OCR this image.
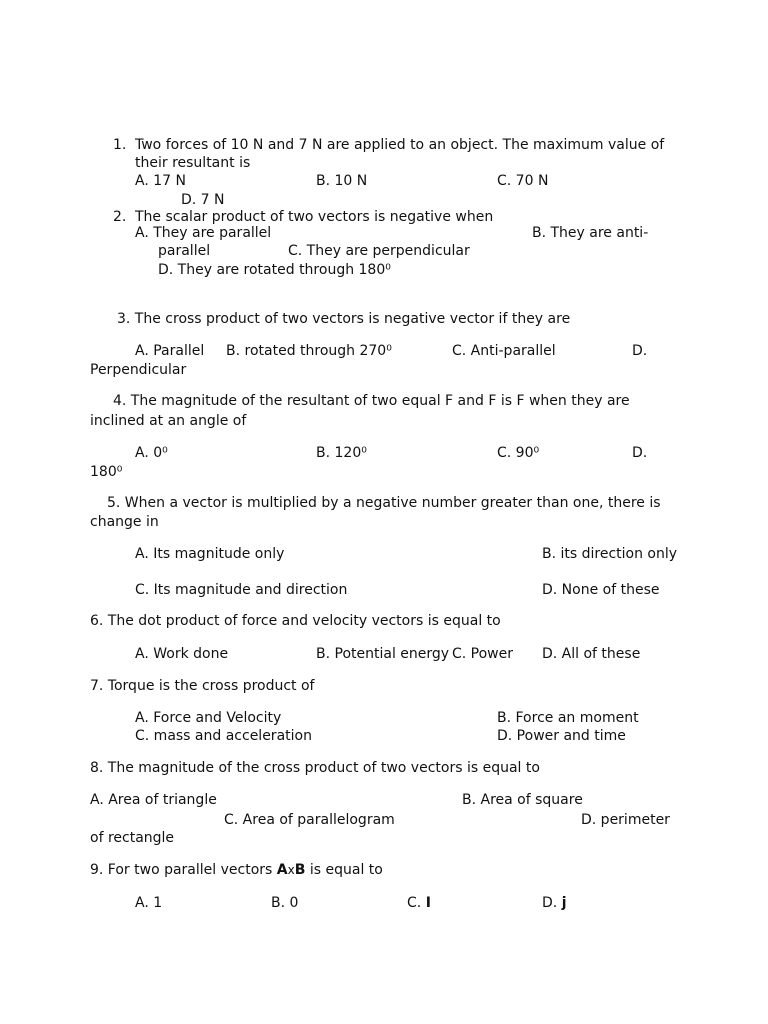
1. Two forces of 10 N and 7 N are applied to an object. The maximum value of
their resultant is
A. 17 N	B. 10 N	C. 70 N
D. 7 N
2. The scalar product of two vectors is negative when
A. They are parallel	B. They are anti-
parallel	C. They are perpendicular
D. They are rotated through 180⁰
3. The cross product of two vectors is negative vector if they are
A. Parallel B. rotated through 270⁰	C. Anti-parallel	D.
Perpendicular
4. The magnitude of the resultant of two equal F and F is F when they are
inclined at an angle of
A. 0⁰	B. 120⁰	C. 90⁰	D.
180⁰
5. When a vector is multiplied by a negative number greater than one, there is
change in
A. Its magnitude only	B. its direction only
C. Its magnitude and direction	D. None of these
6. The dot product of force and velocity vectors is equal to
A. Work done	B. Potential energy C. Power D. All of these
7. Torque is the cross product of
A. Force and Velocity	B. Force an moment
C. mass and acceleration	D. Power and time
8. The magnitude of the cross product of two vectors is equal to
A. Area of triangle	B. Area of square
C. Area of parallelogram	D. perimeter
of rectangle
9. For two parallel vectors AxB is equal to
A. 1	B. 0	C. I	D. j
